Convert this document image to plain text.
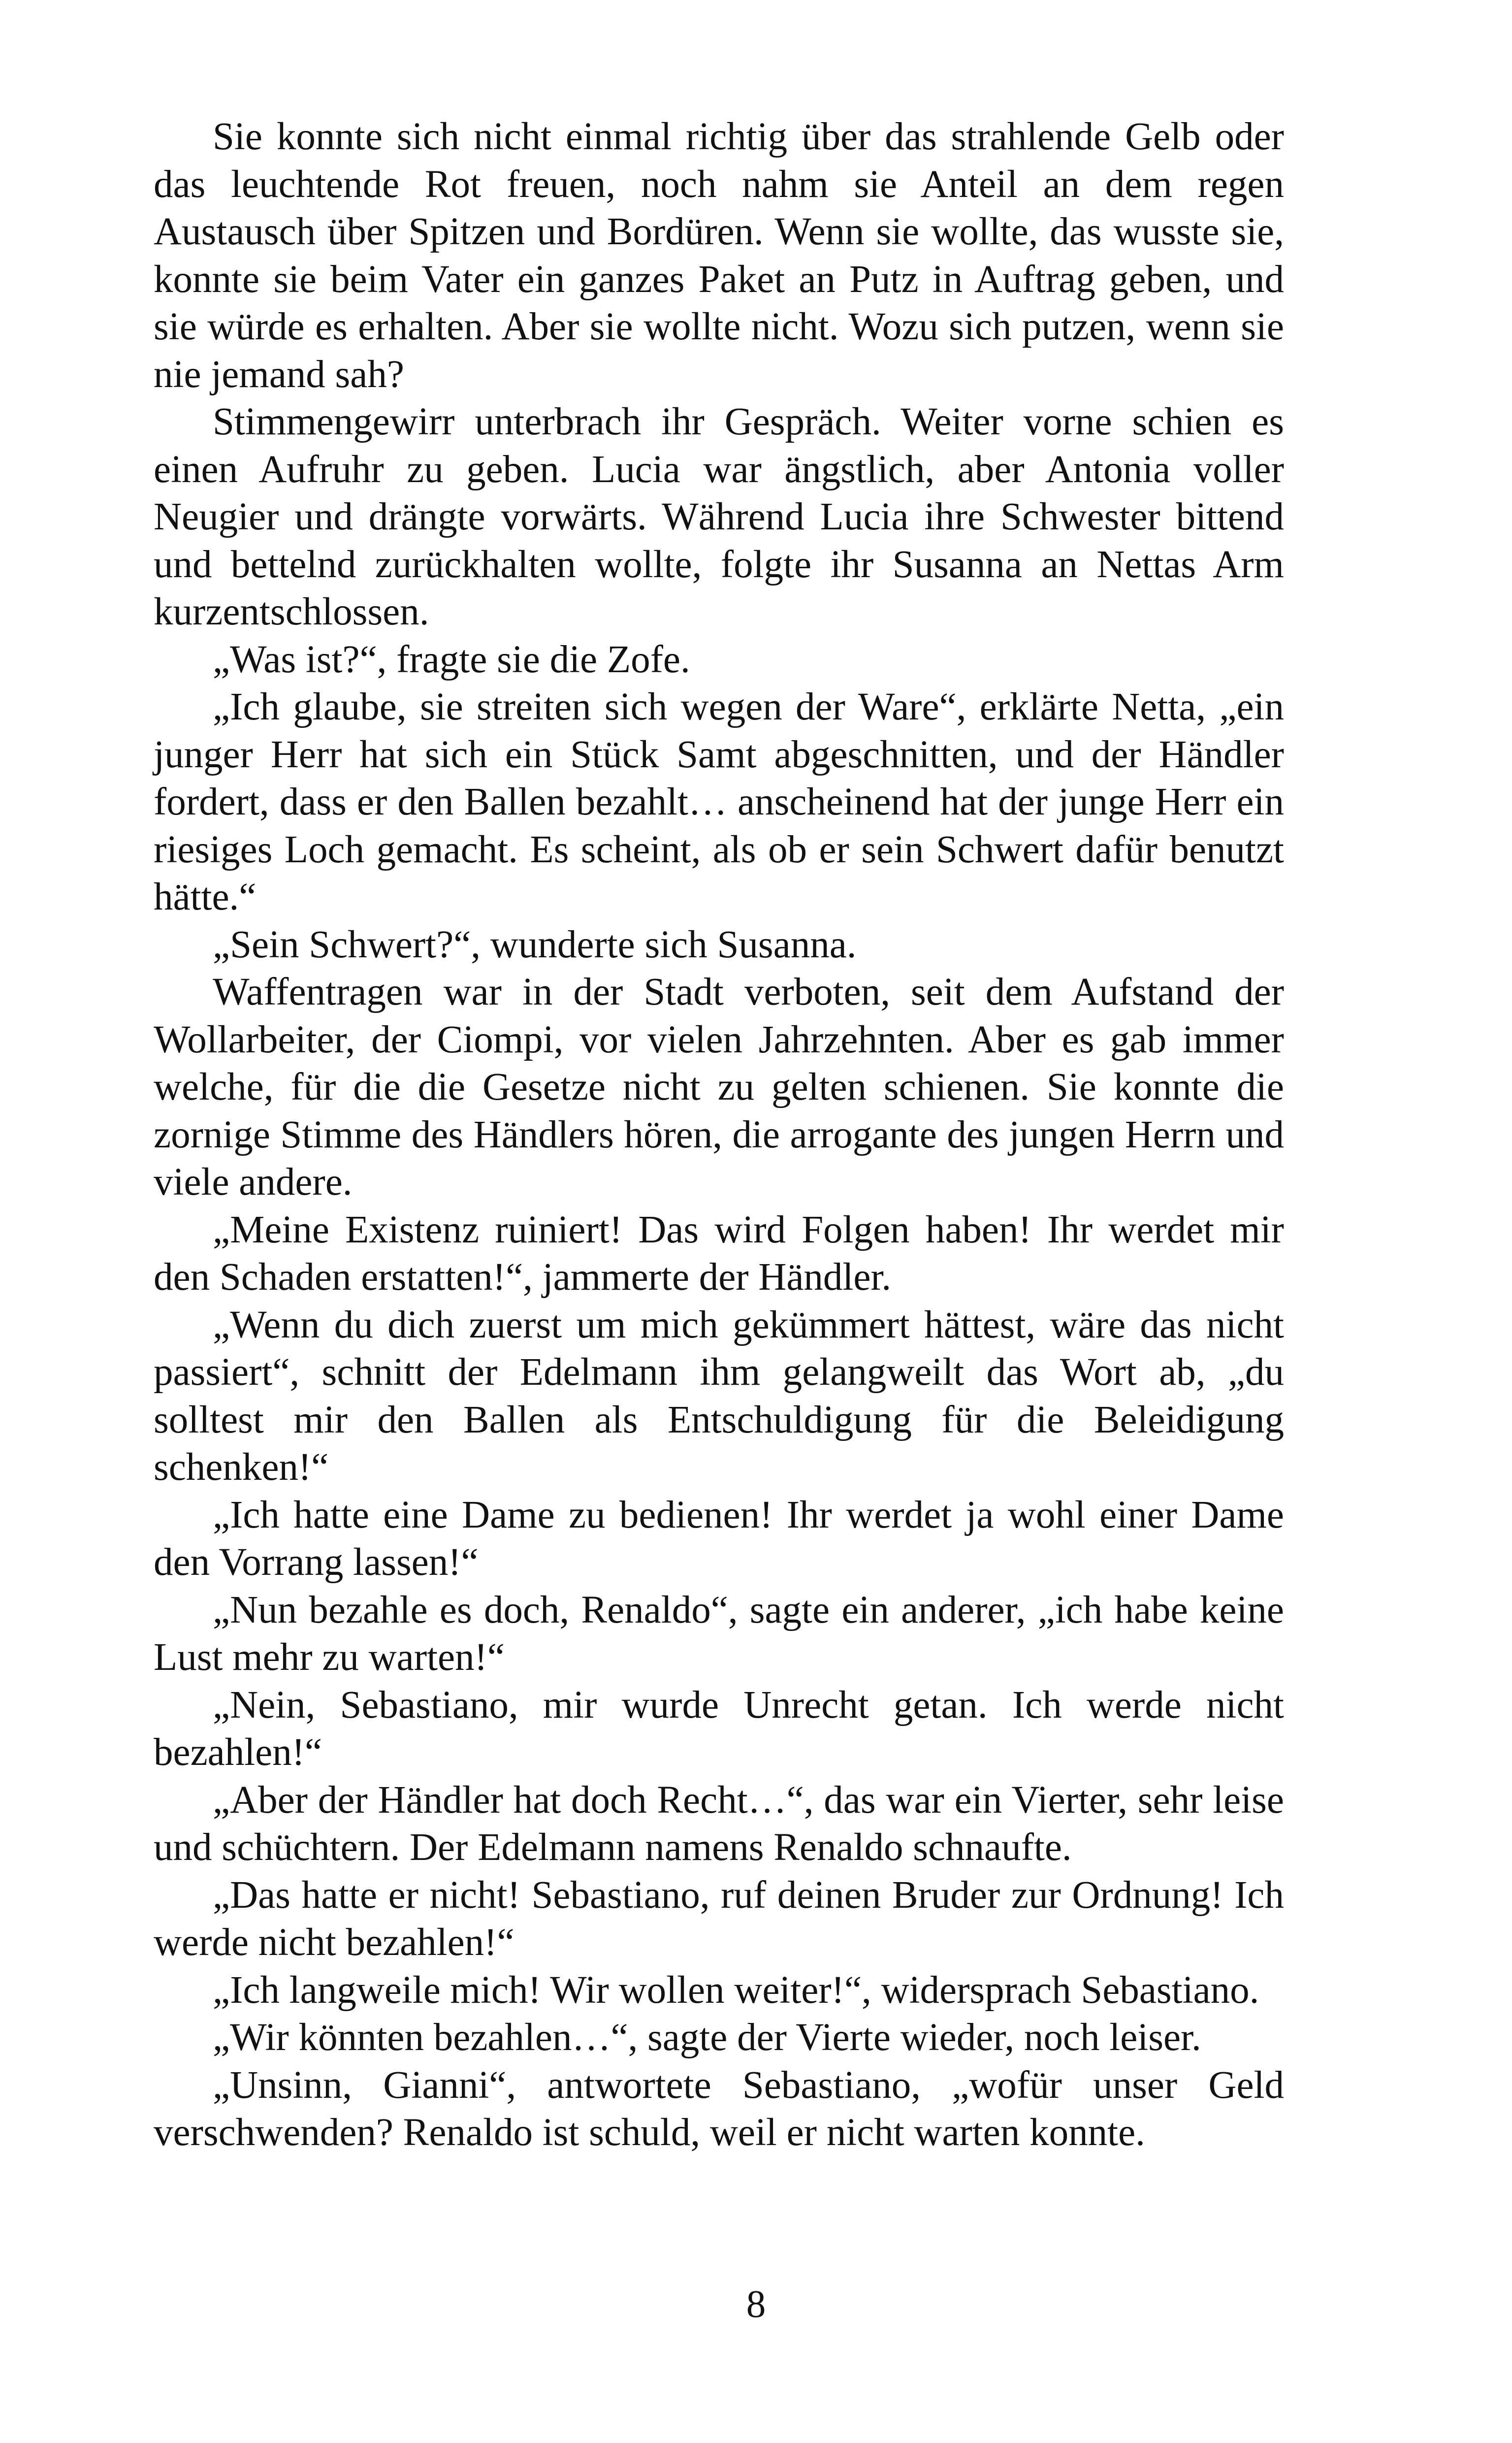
Sie konnte sich nicht einmal richtig über das strahlende Gelb oder das leuchtende Rot freuen, noch nahm sie Anteil an dem regen Austausch über Spitzen und Bordüren. Wenn sie wollte, das wusste sie, konnte sie beim Vater ein ganzes Paket an Putz in Auftrag geben, und sie würde es erhalten. Aber sie wollte nicht. Wozu sich putzen, wenn sie nie jemand sah?

Stimmengewirr unterbrach ihr Gespräch. Weiter vorne schien es einen Aufruhr zu geben. Lucia war ängstlich, aber Antonia voller Neugier und drängte vorwärts. Während Lucia ihre Schwester bittend und bettelnd zurückhalten wollte, folgte ihr Susanna an Nettas Arm kurzentschlossen.

„Was ist?“, fragte sie die Zofe.

„Ich glaube, sie streiten sich wegen der Ware“, erklärte Netta, „ein junger Herr hat sich ein Stück Samt abgeschnitten, und der Händler fordert, dass er den Ballen bezahlt… anscheinend hat der junge Herr ein riesiges Loch gemacht. Es scheint, als ob er sein Schwert dafür benutzt hätte.“

„Sein Schwert?“, wunderte sich Susanna.

Waffentragen war in der Stadt verboten, seit dem Aufstand der Wollarbeiter, der Ciompi, vor vielen Jahrzehnten. Aber es gab immer welche, für die die Gesetze nicht zu gelten schienen. Sie konnte die zornige Stimme des Händlers hören, die arrogante des jungen Herrn und viele andere.

„Meine Existenz ruiniert! Das wird Folgen haben! Ihr werdet mir den Schaden erstatten!“, jammerte der Händler.

„Wenn du dich zuerst um mich gekümmert hättest, wäre das nicht passiert“, schnitt der Edelmann ihm gelangweilt das Wort ab, „du solltest mir den Ballen als Entschuldigung für die Beleidigung schenken!“

„Ich hatte eine Dame zu bedienen! Ihr werdet ja wohl einer Dame den Vorrang lassen!“

„Nun bezahle es doch, Renaldo“, sagte ein anderer, „ich habe keine Lust mehr zu warten!“

„Nein, Sebastiano, mir wurde Unrecht getan. Ich werde nicht bezahlen!“

„Aber der Händler hat doch Recht…“, das war ein Vierter, sehr leise und schüchtern. Der Edelmann namens Renaldo schnaufte.

„Das hatte er nicht! Sebastiano, ruf deinen Bruder zur Ordnung! Ich werde nicht bezahlen!“

„Ich langweile mich! Wir wollen weiter!“, widersprach Sebastiano.

„Wir könnten bezahlen…“, sagte der Vierte wieder, noch leiser.

„Unsinn, Gianni“, antwortete Sebastiano, „wofür unser Geld verschwenden? Renaldo ist schuld, weil er nicht warten konnte.

8
